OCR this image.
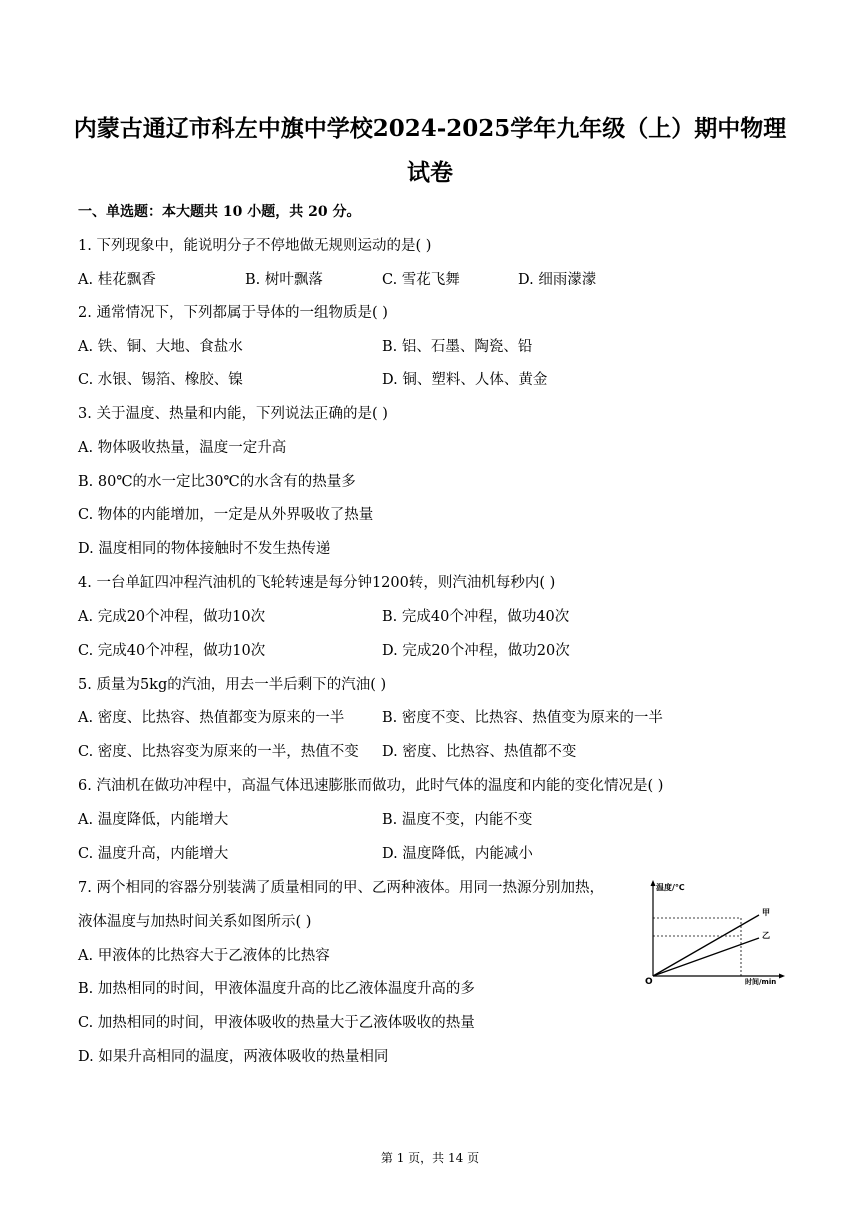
内蒙古通辽市科左中旗中学校2024-2025学年九年级（上）期中物理
试卷
一、单选题：本大题共 10 小题，共 20 分。
1. 下列现象中，能说明分子不停地做无规则运动的是( )
A. 桂花飘香	B. 树叶飘落	C. 雪花飞舞	D. 细雨濛濛
2. 通常情况下，下列都属于导体的一组物质是( )
A. 铁、铜、大地、食盐水	B. 铝、石墨、陶瓷、铅
C. 水银、锡箔、橡胶、镍	D. 铜、塑料、人体、黄金
3. 关于温度、热量和内能，下列说法正确的是( )
A. 物体吸收热量，温度一定升高
B. 80℃的水一定比30℃的水含有的热量多
C. 物体的内能增加，一定是从外界吸收了热量
D. 温度相同的物体接触时不发生热传递
4. 一台单缸四冲程汽油机的飞轮转速是每分钟1200转，则汽油机每秒内( )
A. 完成20个冲程，做功10次	B. 完成40个冲程，做功40次
C. 完成40个冲程，做功10次	D. 完成20个冲程，做功20次
5. 质量为5kg的汽油，用去一半后剩下的汽油( )
A. 密度、比热容、热值都变为原来的一半	B. 密度不变、比热容、热值变为原来的一半
C. 密度、比热容变为原来的一半，热值不变 D. 密度、比热容、热值都不变
6. 汽油机在做功冲程中，高温气体迅速膨胀而做功，此时气体的温度和内能的变化情况是( )
A. 温度降低，内能增大	B. 温度不变，内能不变
C. 温度升高，内能增大	D. 温度降低，内能减小
7. 两个相同的容器分别装满了质量相同的甲、乙两种液体。用同一热源分别加热，
液体温度与加热时间关系如图所示( )
A. 甲液体的比热容大于乙液体的比热容
B. 加热相同的时间，甲液体温度升高的比乙液体温度升高的多
C. 加热相同的时间，甲液体吸收的热量大于乙液体吸收的热量
D. 如果升高相同的温度，两液体吸收的热量相同
温度/℃
时间/min
O
甲
乙
第 1 页，共 14 页
